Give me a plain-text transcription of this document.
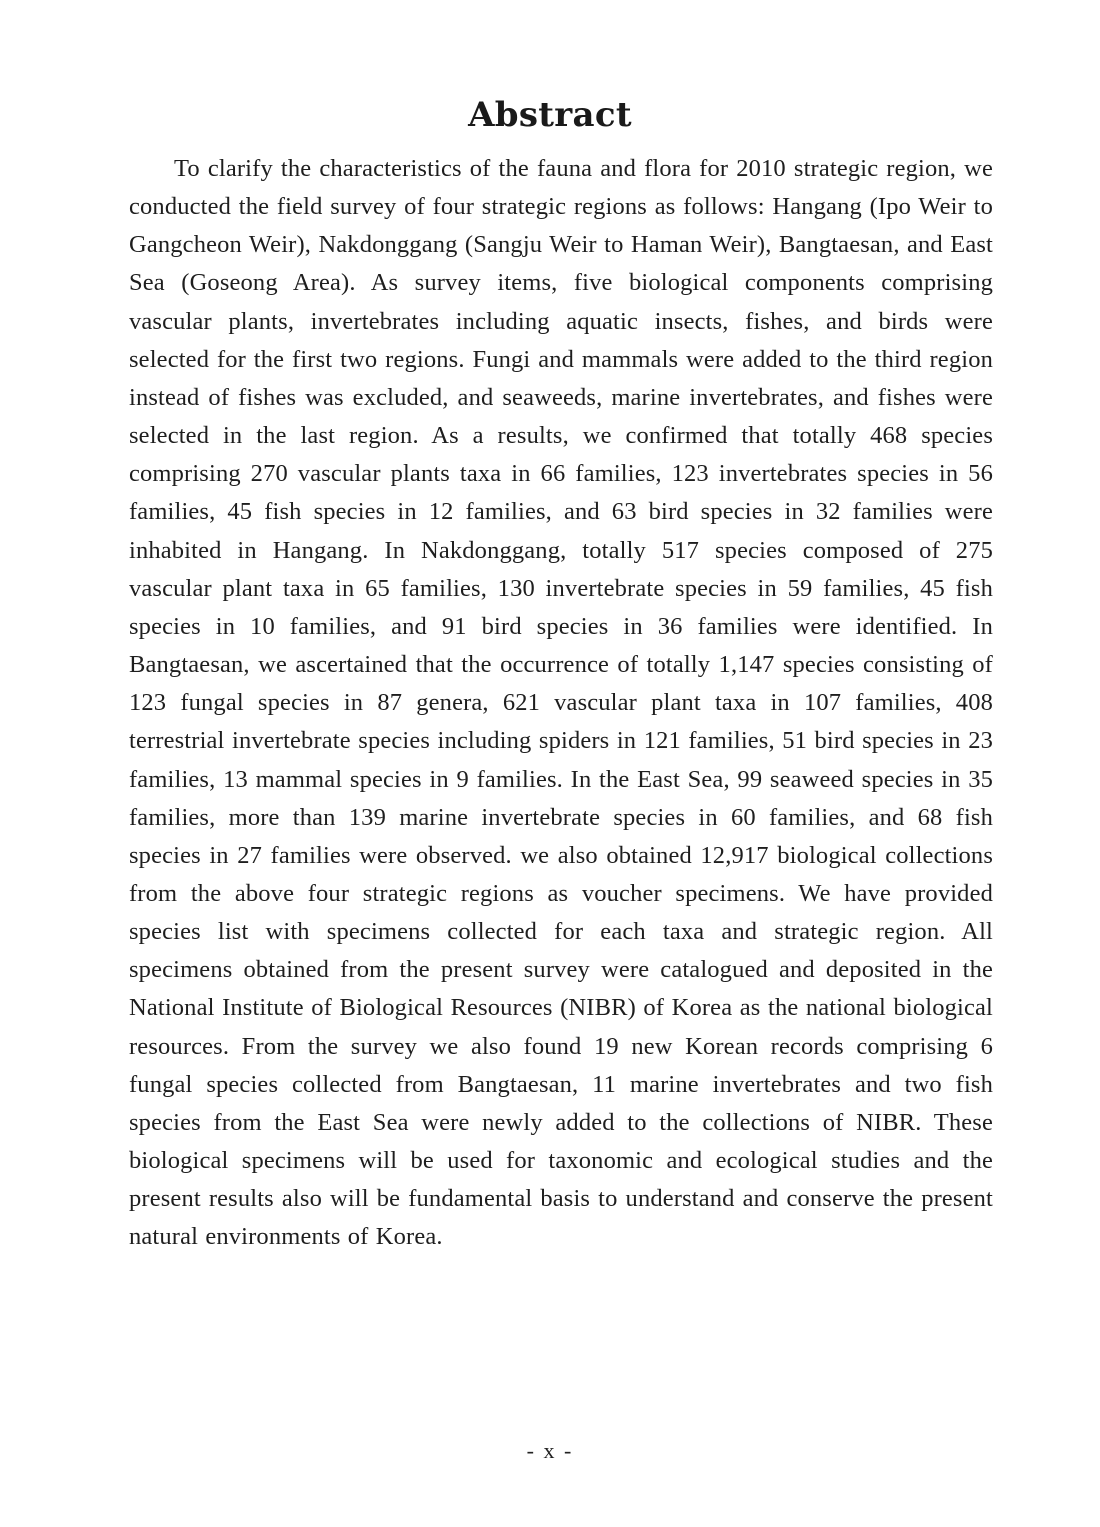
Abstract

To clarify the characteristics of the fauna and flora for 2010 strategic region, we conducted the field survey of four strategic regions as follows: Hangang (Ipo Weir to Gangcheon Weir), Nakdonggang (Sangju Weir to Haman Weir), Bangtaesan, and East Sea (Goseong Area). As survey items, five biological components comprising vascular plants, invertebrates including aquatic insects, fishes, and birds were selected for the first two regions. Fungi and mammals were added to the third region instead of fishes was excluded, and seaweeds, marine invertebrates, and fishes were selected in the last region. As a results, we confirmed that totally 468 species comprising 270 vascular plants taxa in 66 families, 123 invertebrates species in 56 families, 45 fish species in 12 families, and 63 bird species in 32 families were inhabited in Hangang. In Nakdonggang, totally 517 species composed of 275 vascular plant taxa in 65 families, 130 invertebrate species in 59 families, 45 fish species in 10 families, and 91 bird species in 36 families were identified. In Bangtaesan, we ascertained that the occurrence of totally 1,147 species consisting of 123 fungal species in 87 genera, 621 vascular plant taxa in 107 families, 408 terrestrial invertebrate species including spiders in 121 families, 51 bird species in 23 families, 13 mammal species in 9 families. In the East Sea, 99 seaweed species in 35 families, more than 139 marine invertebrate species in 60 families, and 68 fish species in 27 families were observed. we also obtained 12,917 biological collections from the above four strategic regions as voucher specimens. We have provided species list with specimens collected for each taxa and strategic region. All specimens obtained from the present survey were catalogued and deposited in the National Institute of Biological Resources (NIBR) of Korea as the national biological resources. From the survey we also found 19 new Korean records comprising 6 fungal species collected from Bangtaesan, 11 marine invertebrates and two fish species from the East Sea were newly added to the collections of NIBR. These biological specimens will be used for taxonomic and ecological studies and the present results also will be fundamental basis to understand and conserve the present natural environments of Korea.

- x -
